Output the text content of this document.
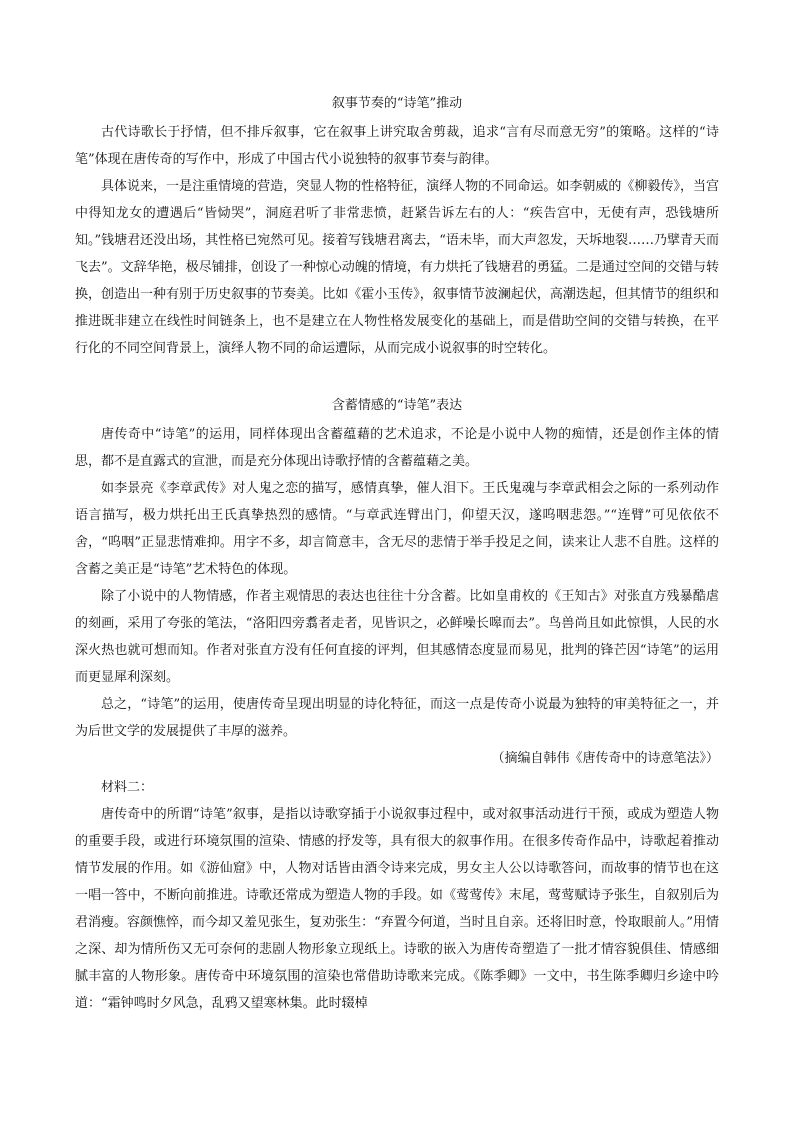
叙事节奏的“诗笔”推动

古代诗歌长于抒情，但不排斥叙事，它在叙事上讲究取舍剪裁，追求“言有尽而意无穷”的策略。这样的“诗笔”体现在唐传奇的写作中，形成了中国古代小说独特的叙事节奏与韵律。

具体说来，一是注重情境的营造，突显人物的性格特征，演绎人物的不同命运。如李朝威的《柳毅传》，当宫中得知龙女的遭遇后“皆恸哭”，洞庭君听了非常悲愤，赶紧告诉左右的人：“疾告宫中，无使有声，恐钱塘所知。”钱塘君还没出场，其性格已宛然可见。接着写钱塘君离去，“语未毕，而大声忽发，天坼地裂……乃擘青天而飞去”。文辞华艳，极尽铺排，创设了一种惊心动魄的情境，有力烘托了钱塘君的勇猛。二是通过空间的交错与转换，创造出一种有别于历史叙事的节奏美。比如《霍小玉传》，叙事情节波澜起伏，高潮迭起，但其情节的组织和推进既非建立在线性时间链条上，也不是建立在人物性格发展变化的基础上，而是借助空间的交错与转换，在平行化的不同空间背景上，演绎人物不同的命运遭际，从而完成小说叙事的时空转化。

含蓄情感的“诗笔”表达

唐传奇中“诗笔”的运用，同样体现出含蓄蕴藉的艺术追求，不论是小说中人物的痴情，还是创作主体的情思，都不是直露式的宣泄，而是充分体现出诗歌抒情的含蓄蕴藉之美。

如李景亮《李章武传》对人鬼之恋的描写，感情真挚，催人泪下。王氏鬼魂与李章武相会之际的一系列动作语言描写，极力烘托出王氏真挚热烈的感情。“与章武连臂出门，仰望天汉，遂呜咽悲怨。”“连臂”可见依依不舍，“呜咽”正显悲情难抑。用字不多，却言简意丰，含无尽的悲情于举手投足之间，读来让人悲不自胜。这样的含蓄之美正是“诗笔”艺术特色的体现。

除了小说中的人物情感，作者主观情思的表达也往往十分含蓄。比如皇甫枚的《王知古》对张直方残暴酷虐的刻画，采用了夸张的笔法，“洛阳四旁翥者走者，见皆识之，必鲜噪长嗥而去”。鸟兽尚且如此惊惧，人民的水深火热也就可想而知。作者对张直方没有任何直接的评判，但其感情态度显而易见，批判的锋芒因“诗笔”的运用而更显犀利深刻。

总之，“诗笔”的运用，使唐传奇呈现出明显的诗化特征，而这一点是传奇小说最为独特的审美特征之一，并为后世文学的发展提供了丰厚的滋养。

（摘编自韩伟《唐传奇中的诗意笔法》）
材料二：

唐传奇中的所谓“诗笔”叙事，是指以诗歌穿插于小说叙事过程中，或对叙事活动进行干预，或成为塑造人物的重要手段，或进行环境氛围的渲染、情感的抒发等，具有很大的叙事作用。在很多传奇作品中，诗歌起着推动情节发展的作用。如《游仙窟》中，人物对话皆由酒令诗来完成，男女主人公以诗歌答问，而故事的情节也在这一唱一答中，不断向前推进。诗歌还常成为塑造人物的手段。如《莺莺传》末尾，莺莺赋诗予张生，自叙别后为君消瘦。容颜憔悴，而今却又羞见张生，复劝张生：“弃置今何道，当时且自亲。还将旧时意，怜取眼前人。”用情之深、却为情所伤又无可奈何的悲剧人物形象立现纸上。诗歌的嵌入为唐传奇塑造了一批才情容貌俱佳、情感细腻丰富的人物形象。唐传奇中环境氛围的渲染也常借助诗歌来完成。《陈季卿》一文中，书生陈季卿归乡途中吟道：“霜钟鸣时夕风急，乱鸦又望寒林集。此时辍棹
